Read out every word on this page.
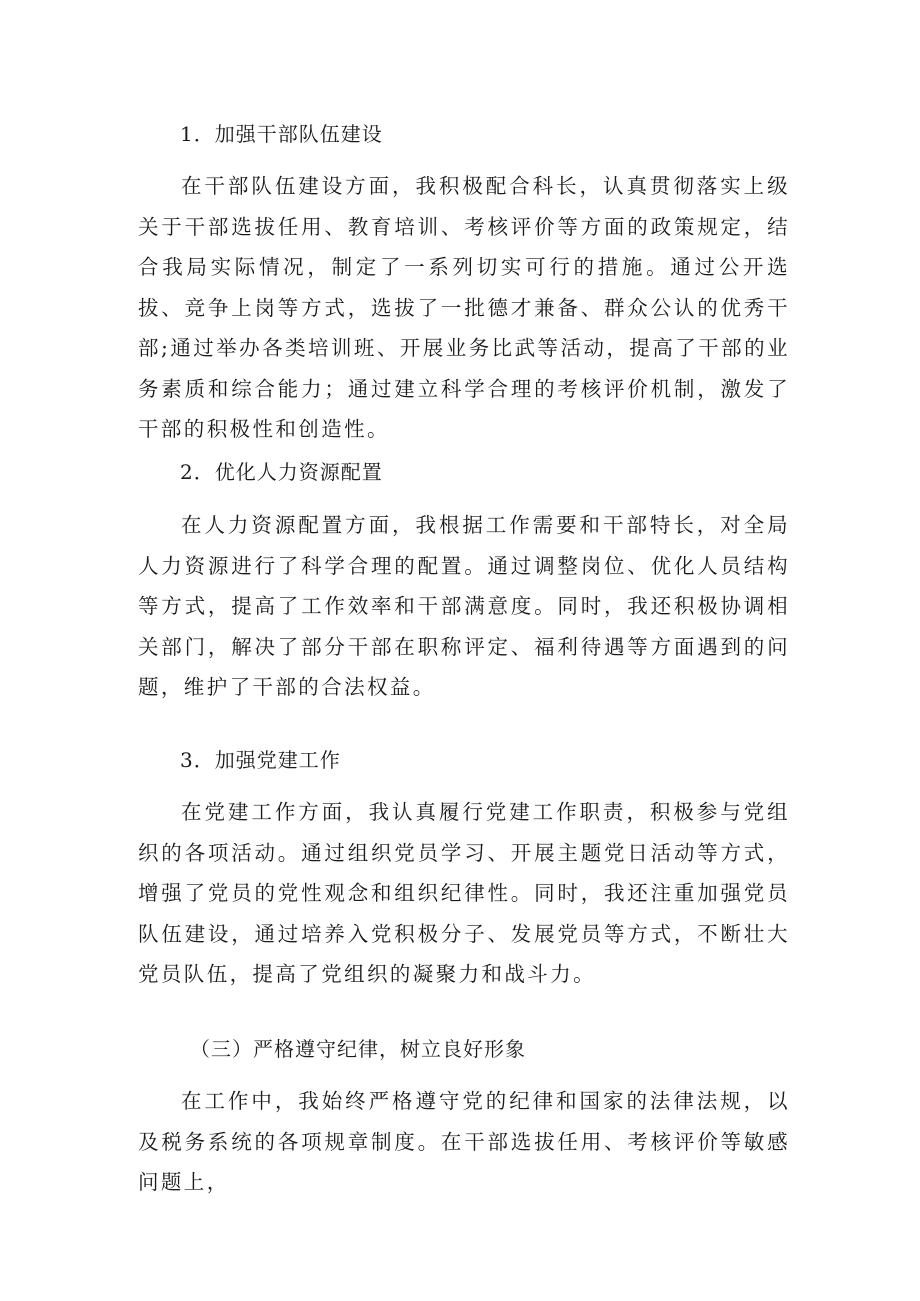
1．加强干部队伍建设

在干部队伍建设方面，我积极配合科长，认真贯彻落实上级关于干部选拔任用、教育培训、考核评价等方面的政策规定，结合我局实际情况，制定了一系列切实可行的措施。通过公开选拔、竞争上岗等方式，选拔了一批德才兼备、群众公认的优秀干部;通过举办各类培训班、开展业务比武等活动，提高了干部的业务素质和综合能力；通过建立科学合理的考核评价机制，激发了干部的积极性和创造性。

2．优化人力资源配置

在人力资源配置方面，我根据工作需要和干部特长，对全局人力资源进行了科学合理的配置。通过调整岗位、优化人员结构等方式，提高了工作效率和干部满意度。同时，我还积极协调相关部门，解决了部分干部在职称评定、福利待遇等方面遇到的问题，维护了干部的合法权益。

3．加强党建工作

在党建工作方面，我认真履行党建工作职责，积极参与党组织的各项活动。通过组织党员学习、开展主题党日活动等方式，增强了党员的党性观念和组织纪律性。同时，我还注重加强党员队伍建设，通过培养入党积极分子、发展党员等方式，不断壮大党员队伍，提高了党组织的凝聚力和战斗力。

（三）严格遵守纪律，树立良好形象

在工作中，我始终严格遵守党的纪律和国家的法律法规，以及税务系统的各项规章制度。在干部选拔任用、考核评价等敏感问题上，
